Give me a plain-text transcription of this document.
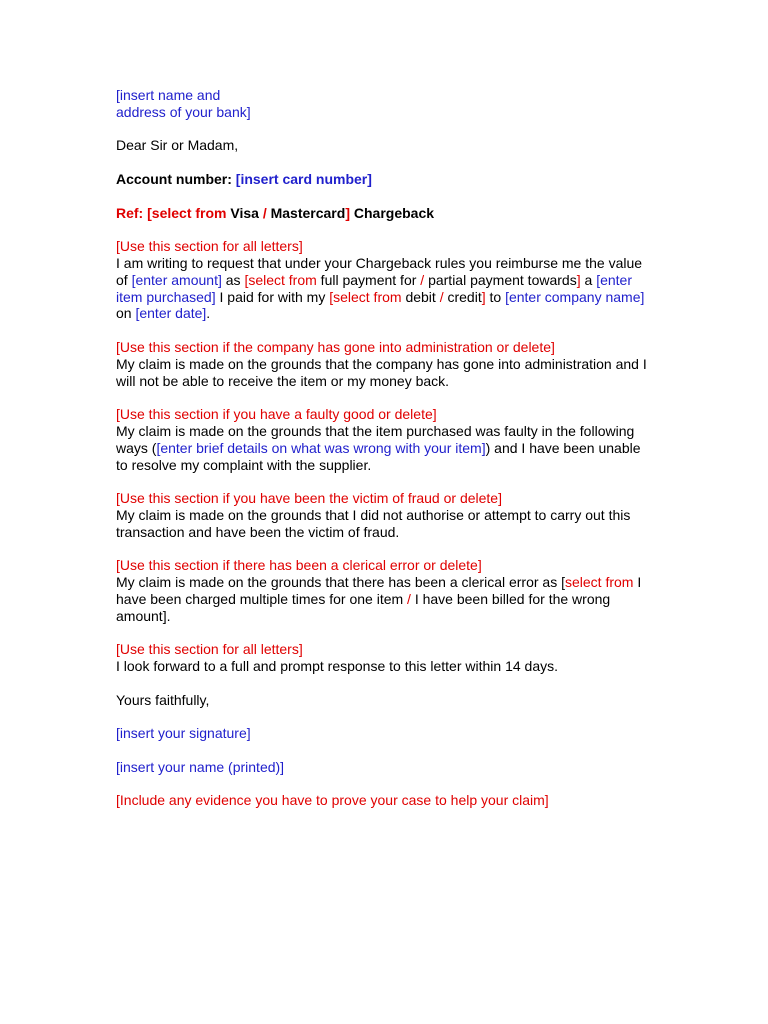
[insert name and
address of your bank]

Dear Sir or Madam,

Account number: [insert card number]

Ref: [select from Visa / Mastercard] Chargeback

[Use this section for all letters]
I am writing to request that under your Chargeback rules you reimburse me the value of [enter amount] as [select from full payment for / partial payment towards] a [enter item purchased] I paid for with my [select from debit / credit] to [enter company name] on [enter date].

[Use this section if the company has gone into administration or delete]
My claim is made on the grounds that the company has gone into administration and I will not be able to receive the item or my money back.

[Use this section if you have a faulty good or delete]
My claim is made on the grounds that the item purchased was faulty in the following ways ([enter brief details on what was wrong with your item]) and I have been unable to resolve my complaint with the supplier.

[Use this section if you have been the victim of fraud or delete]
My claim is made on the grounds that I did not authorise or attempt to carry out this transaction and have been the victim of fraud.

[Use this section if there has been a clerical error or delete]
My claim is made on the grounds that there has been a clerical error as [select from I have been charged multiple times for one item / I have been billed for the wrong amount].

[Use this section for all letters]
I look forward to a full and prompt response to this letter within 14 days.

Yours faithfully,

[insert your signature]

[insert your name (printed)]

[Include any evidence you have to prove your case to help your claim]
